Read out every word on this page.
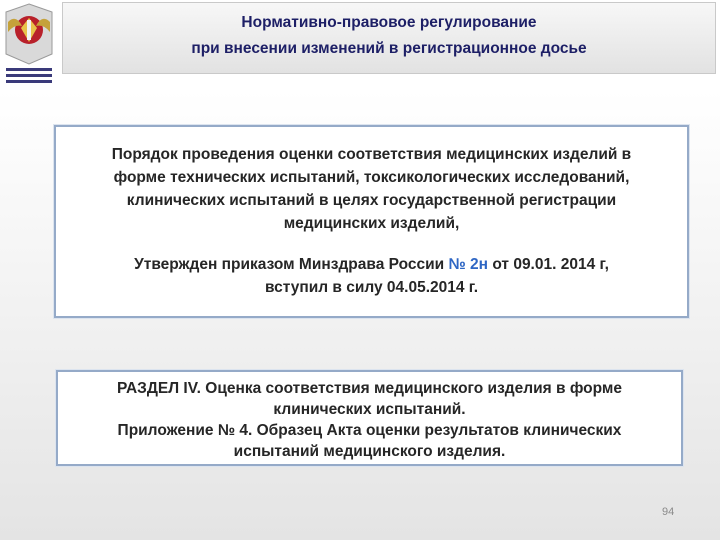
Нормативно-правовое регулирование
при внесении изменений в регистрационное досье
Порядок проведения оценки соответствия медицинских изделий в
форме технических испытаний, токсикологических исследований,
клинических испытаний в целях государственной регистрации
медицинских изделий,
Утвержден приказом Минздрава России № 2н от 09.01. 2014 г,
вступил в силу 04.05.2014 г.
РАЗДЕЛ IV. Оценка соответствия медицинского изделия в форме
клинических испытаний.
Приложение № 4. Образец Акта оценки результатов клинических
испытаний медицинского изделия.
94
